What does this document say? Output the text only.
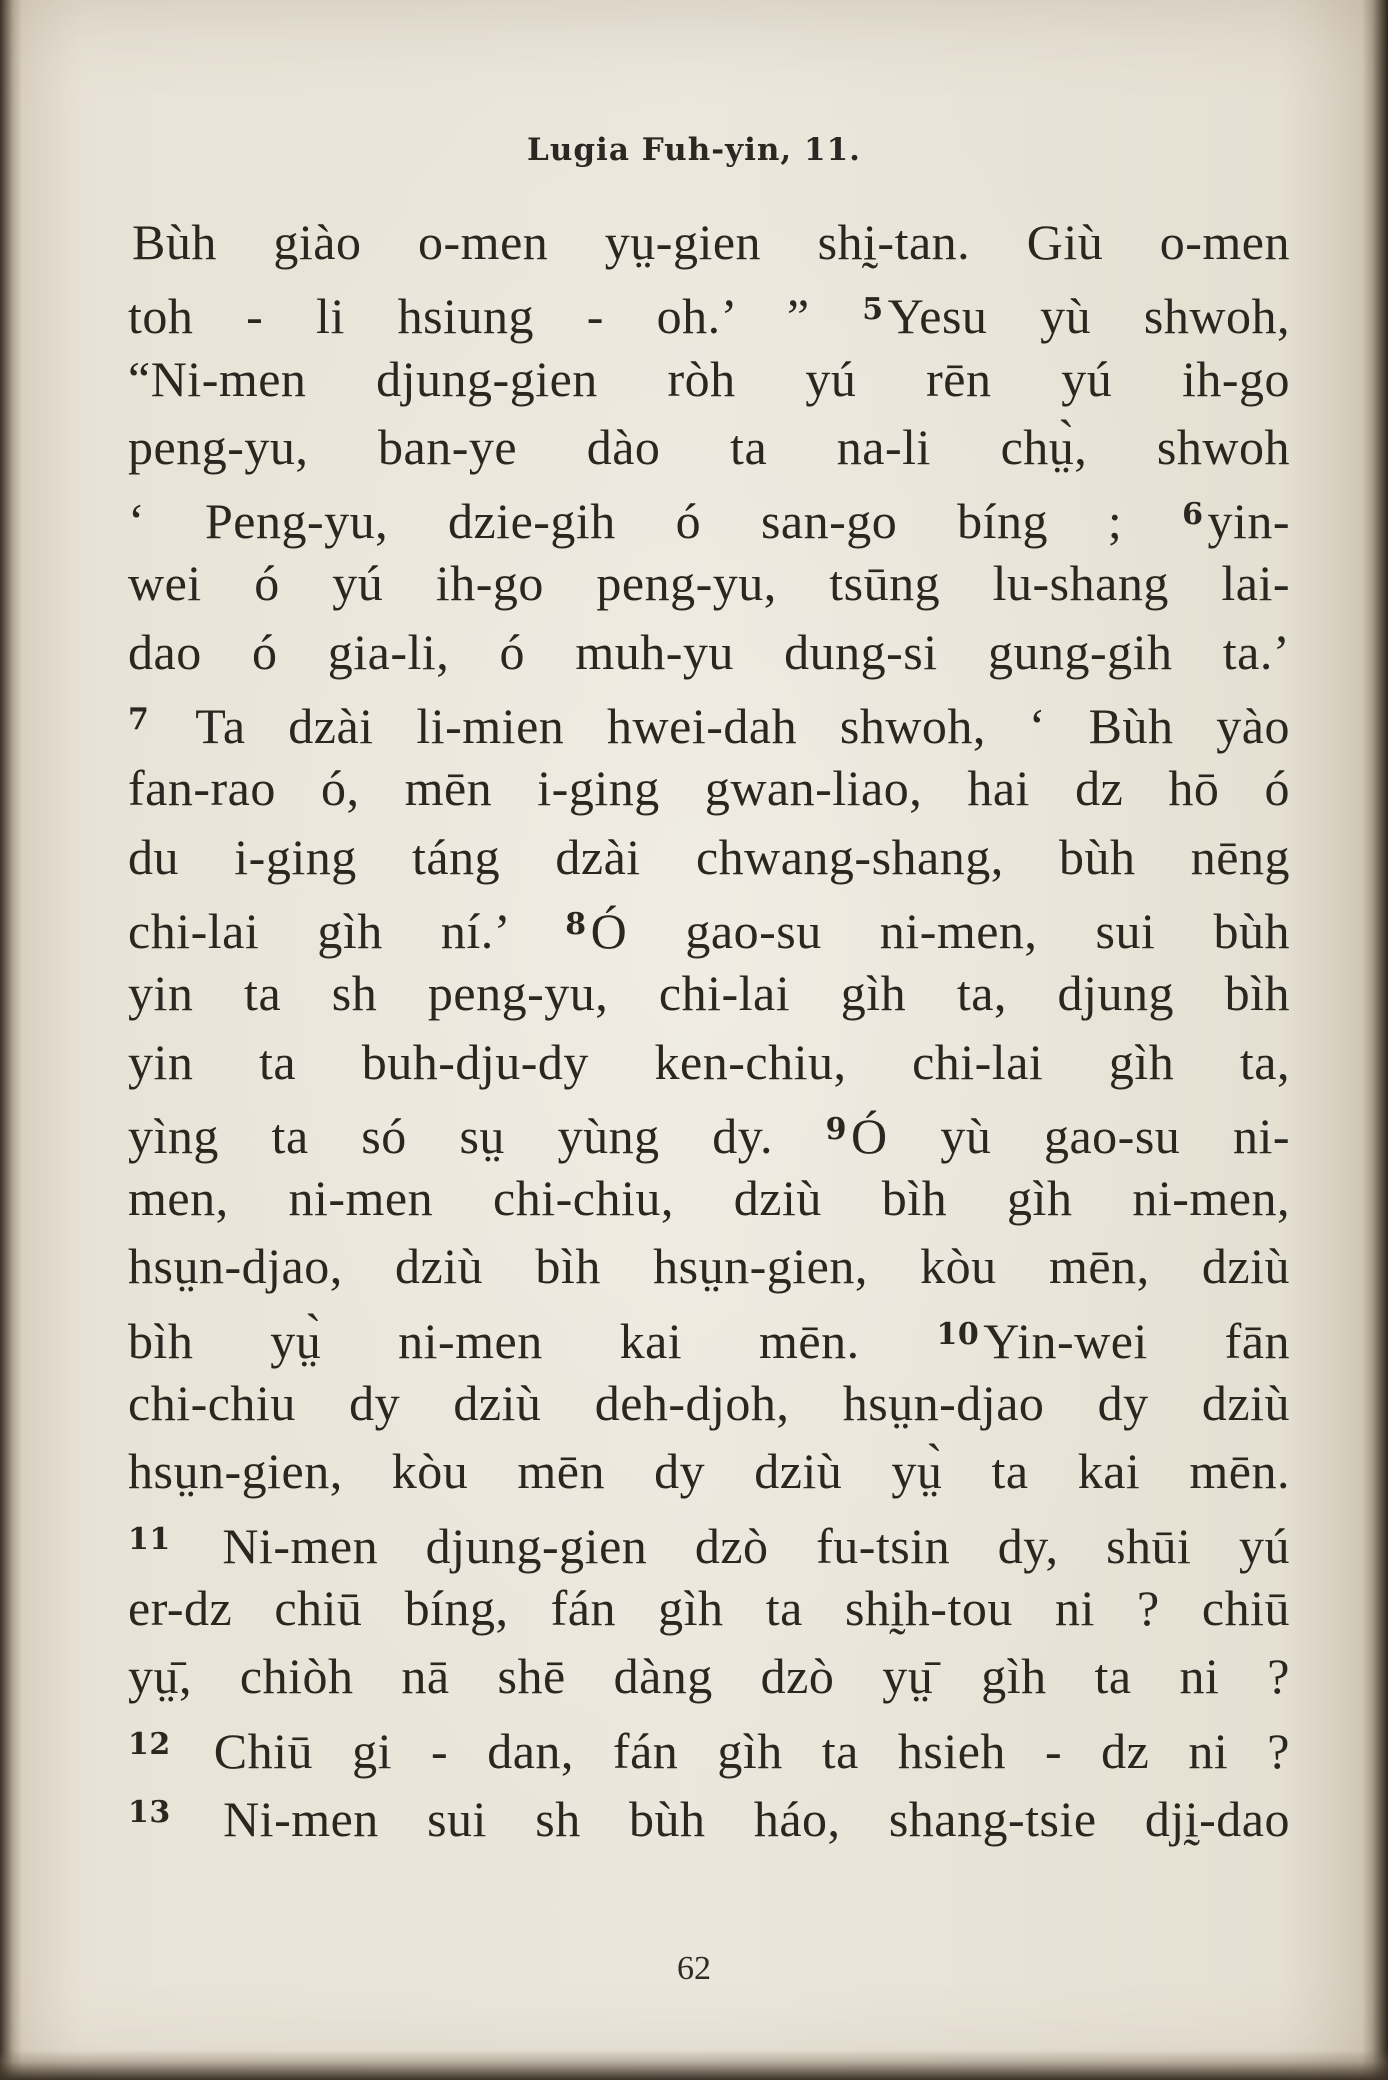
Lugia Fuh-yin, 11.
Bùh giào o-men yṳ-gien shḭ-tan. Giù o-men
toh - li hsiung - oh.’ ” $^5$Yesu yù shwoh,
“Ni-men djung-gien ròh yú rēn yú ih-go
peng-yu, ban-ye dào ta na-li chṳ̀, shwoh
‘ Peng-yu, dzie-gih ó san-go bíng ; $^6$yin-
wei ó yú ih-go peng-yu, tsūng lu-shang lai-
dao ó gia-li, ó muh-yu dung-si gung-gih ta.’
$^7$ Ta dzài li-mien hwei-dah shwoh, ‘ Bùh yào
fan-rao ó, mēn i-ging gwan-liao, hai dz hō ó
du i-ging táng dzài chwang-shang, bùh nēng
chi-lai gìh ní.’ $^8$Ó gao-su ni-men, sui bùh
yin ta sh peng-yu, chi-lai gìh ta, djung bìh
yin ta buh-dju-dy ken-chiu, chi-lai gìh ta,
yìng ta só sṳ yùng dy. $^9$Ó yù gao-su ni-
men, ni-men chi-chiu, dziù bìh gìh ni-men,
hsṳn-djao, dziù bìh hsṳn-gien, kòu mēn, dziù
bìh yṳ̀ ni-men kai mēn.	$^{10}$Yin-wei fān
chi-chiu dy dziù deh-djoh, hsṳn-djao dy dziù
hsṳn-gien, kòu mēn dy dziù yṳ̀ ta kai mēn.
$^{11}$ Ni-men djung-gien dzò fu-tsin dy, shūi yú
er-dz chiū bíng, fán gìh ta shḭh-tou ni ? chiū
yṳ̄, chiòh nā shē dàng dzò yṳ̄ gìh ta ni ?
$^{12}$ Chiū gi - dan, fán gìh ta hsieh - dz ni ?
$^{13}$ Ni-men sui sh bùh háo, shang-tsie djḭ-dao
62
